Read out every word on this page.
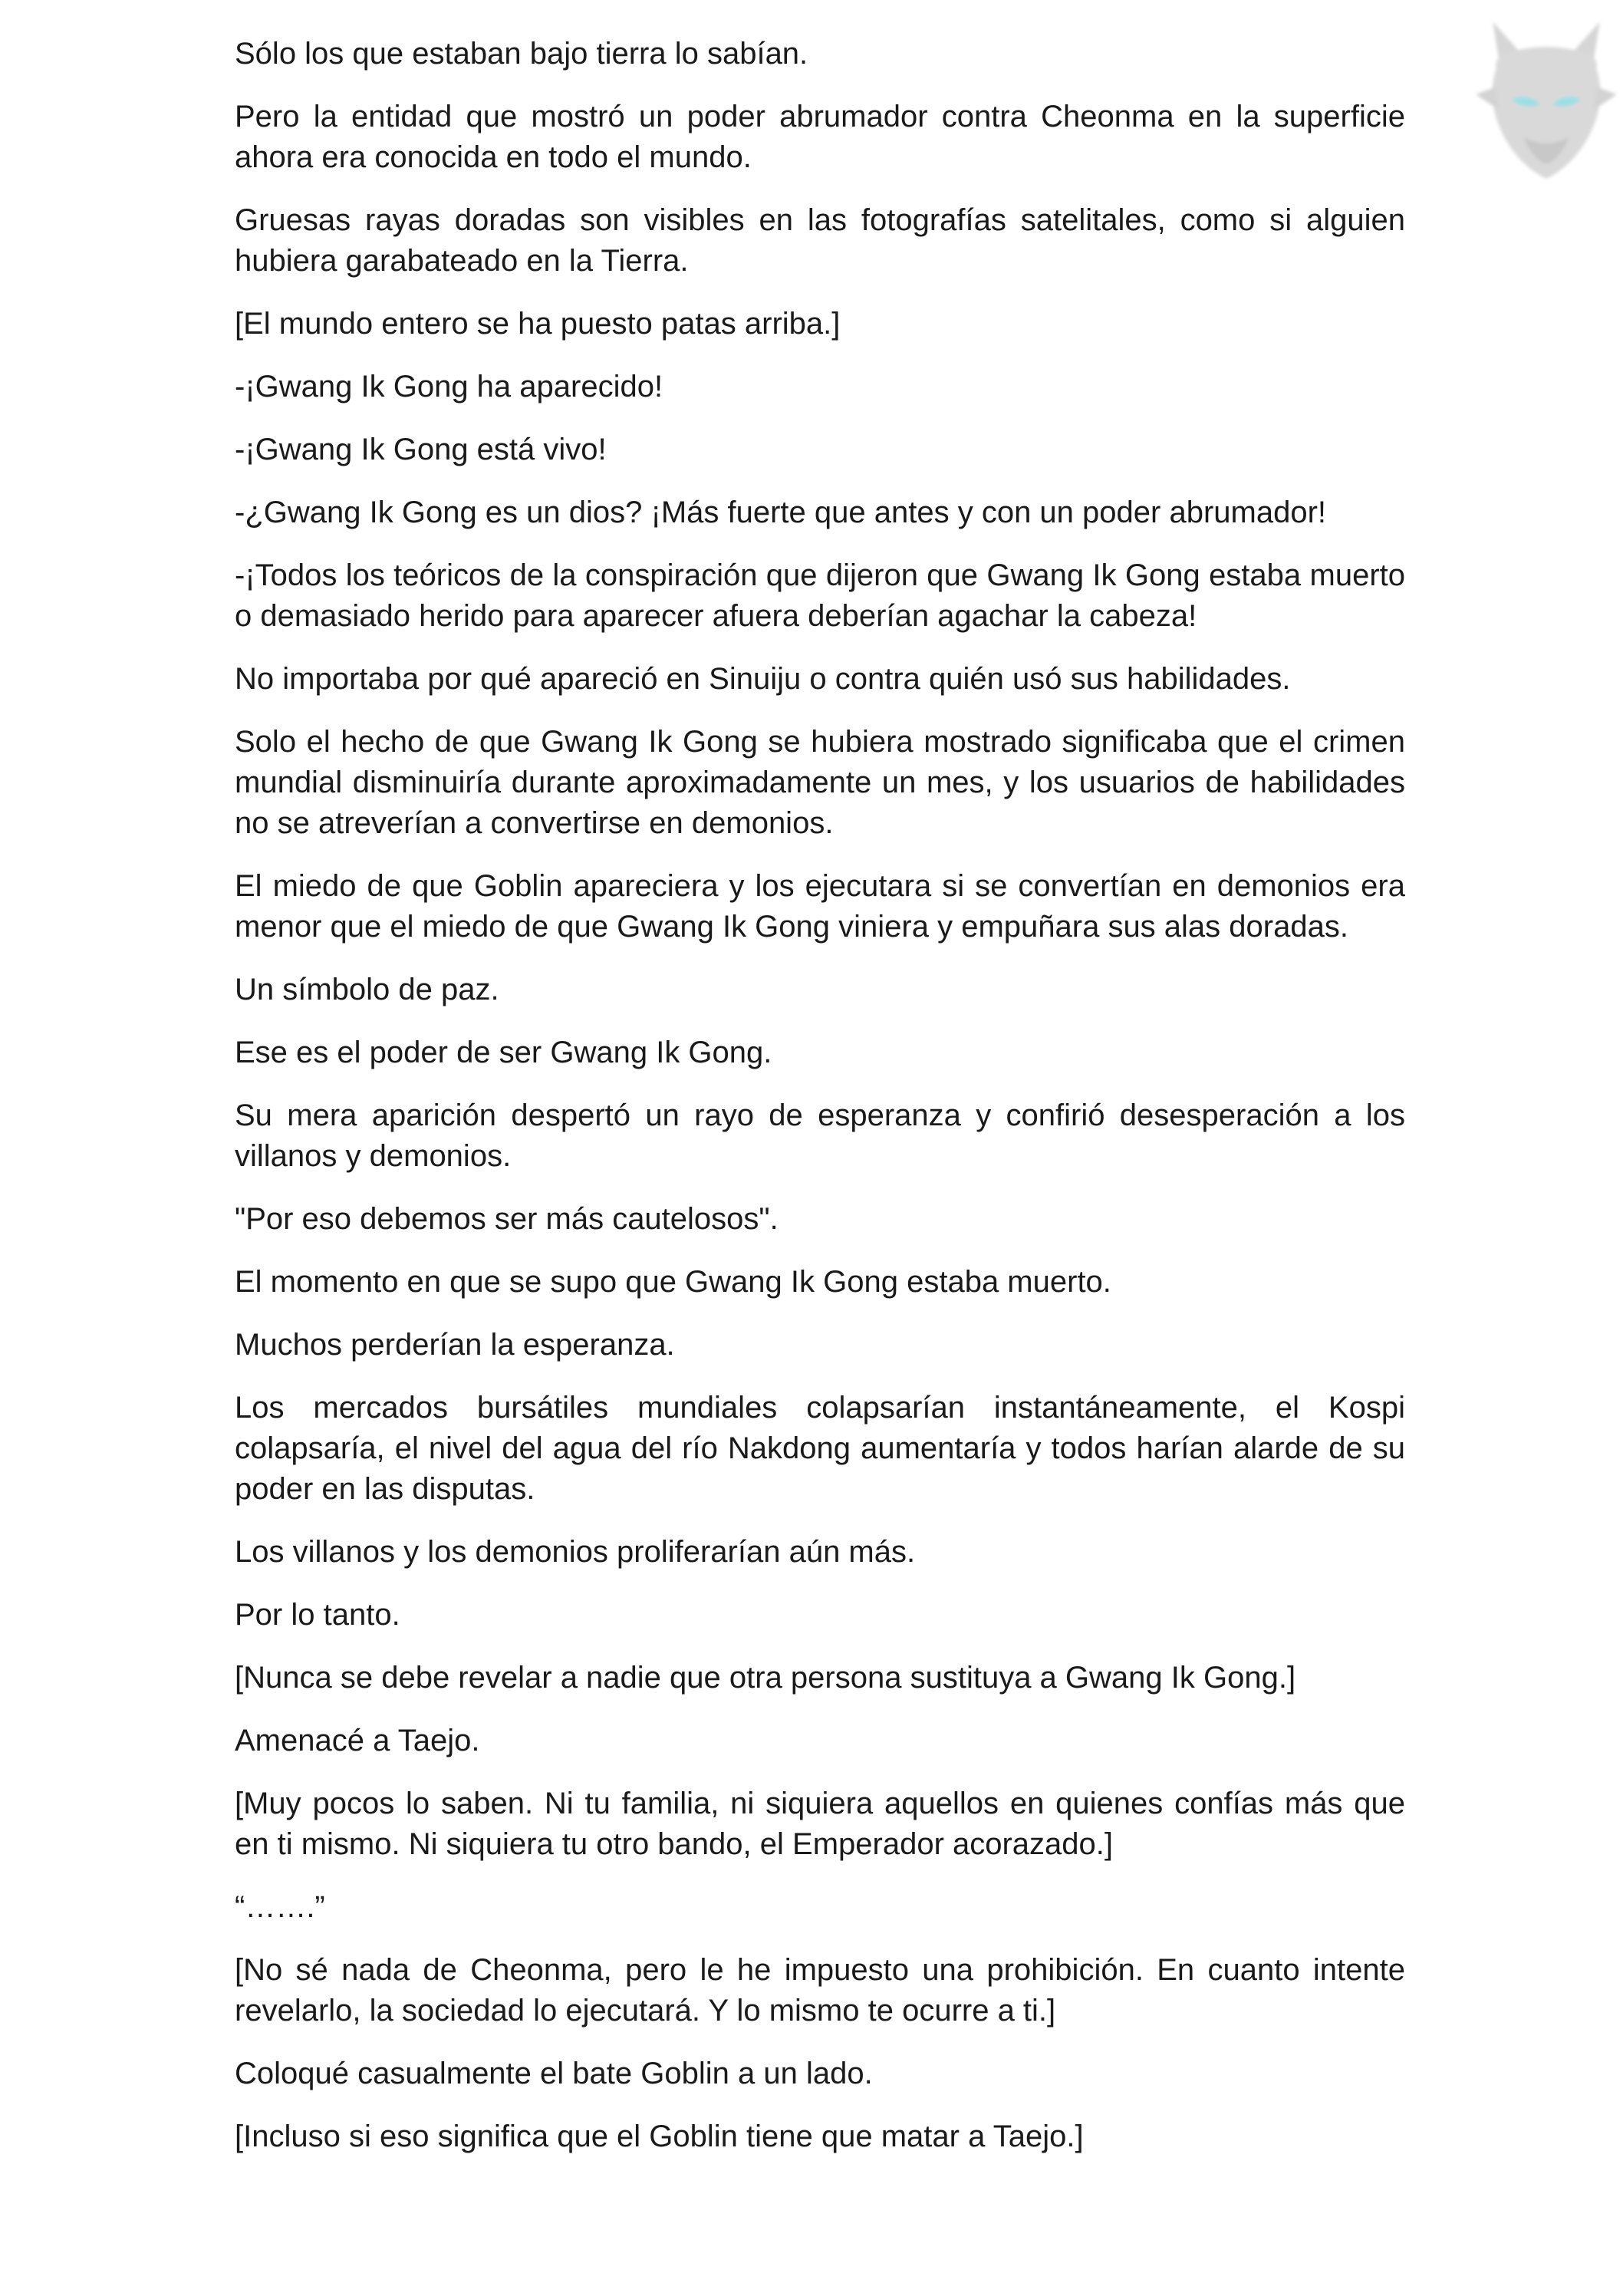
Sólo los que estaban bajo tierra lo sabían.

Pero la entidad que mostró un poder abrumador contra Cheonma en la superficie ahora era conocida en todo el mundo.

Gruesas rayas doradas son visibles en las fotografías satelitales, como si alguien hubiera garabateado en la Tierra.

[El mundo entero se ha puesto patas arriba.]

-¡Gwang Ik Gong ha aparecido!

-¡Gwang Ik Gong está vivo!

-¿Gwang Ik Gong es un dios? ¡Más fuerte que antes y con un poder abrumador!

-¡Todos los teóricos de la conspiración que dijeron que Gwang Ik Gong estaba muerto o demasiado herido para aparecer afuera deberían agachar la cabeza!

No importaba por qué apareció en Sinuiju o contra quién usó sus habilidades.

Solo el hecho de que Gwang Ik Gong se hubiera mostrado significaba que el crimen mundial disminuiría durante aproximadamente un mes, y los usuarios de habilidades no se atreverían a convertirse en demonios.

El miedo de que Goblin apareciera y los ejecutara si se convertían en demonios era menor que el miedo de que Gwang Ik Gong viniera y empuñara sus alas doradas.

Un símbolo de paz.

Ese es el poder de ser Gwang Ik Gong.

Su mera aparición despertó un rayo de esperanza y confirió desesperación a los villanos y demonios.

"Por eso debemos ser más cautelosos".

El momento en que se supo que Gwang Ik Gong estaba muerto.

Muchos perderían la esperanza.

Los mercados bursátiles mundiales colapsarían instantáneamente, el Kospi colapsaría, el nivel del agua del río Nakdong aumentaría y todos harían alarde de su poder en las disputas.

Los villanos y los demonios proliferarían aún más.

Por lo tanto.

[Nunca se debe revelar a nadie que otra persona sustituya a Gwang Ik Gong.]

Amenacé a Taejo.

[Muy pocos lo saben. Ni tu familia, ni siquiera aquellos en quienes confías más que en ti mismo. Ni siquiera tu otro bando, el Emperador acorazado.]

“…….”

[No sé nada de Cheonma, pero le he impuesto una prohibición. En cuanto intente revelarlo, la sociedad lo ejecutará. Y lo mismo te ocurre a ti.]

Coloqué casualmente el bate Goblin a un lado.

[Incluso si eso significa que el Goblin tiene que matar a Taejo.]
